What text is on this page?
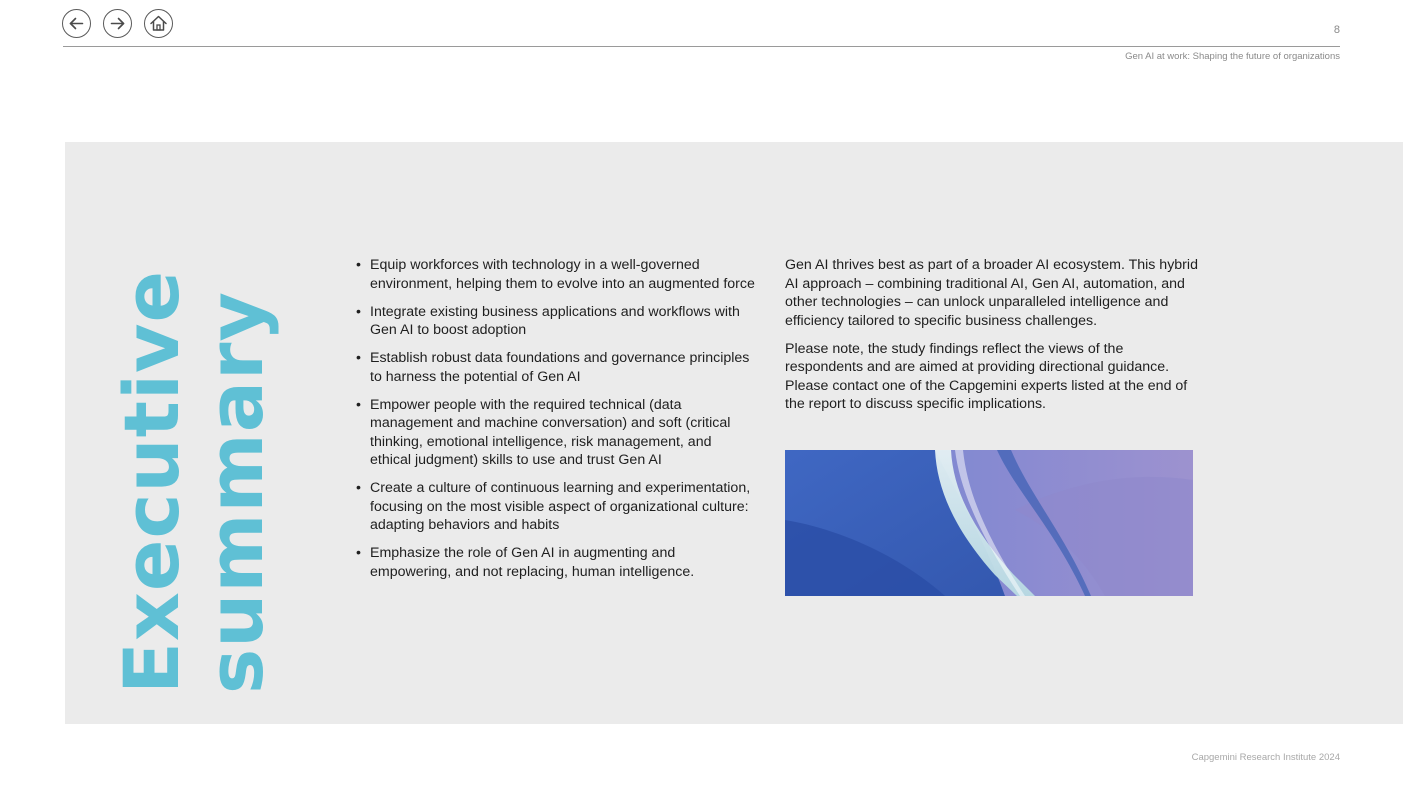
8
Gen AI at work: Shaping the future of organizations
Executive
summary
• Equip workforces with technology in a well-governed environment, helping them to evolve into an augmented force
• Integrate existing business applications and workflows with Gen AI to boost adoption
• Establish robust data foundations and governance principles to harness the potential of Gen AI
• Empower people with the required technical (data management and machine conversation) and soft (critical thinking, emotional intelligence, risk management, and ethical judgment) skills to use and trust Gen AI
• Create a culture of continuous learning and experimentation, focusing on the most visible aspect of organizational culture: adapting behaviors and habits
• Emphasize the role of Gen AI in augmenting and empowering, and not replacing, human intelligence.

Gen AI thrives best as part of a broader AI ecosystem. This hybrid AI approach – combining traditional AI, Gen AI, automation, and other technologies – can unlock unparalleled intelligence and efficiency tailored to specific business challenges.

Please note, the study findings reflect the views of the respondents and are aimed at providing directional guidance. Please contact one of the Capgemini experts listed at the end of the report to discuss specific implications.

Capgemini Research Institute 2024
